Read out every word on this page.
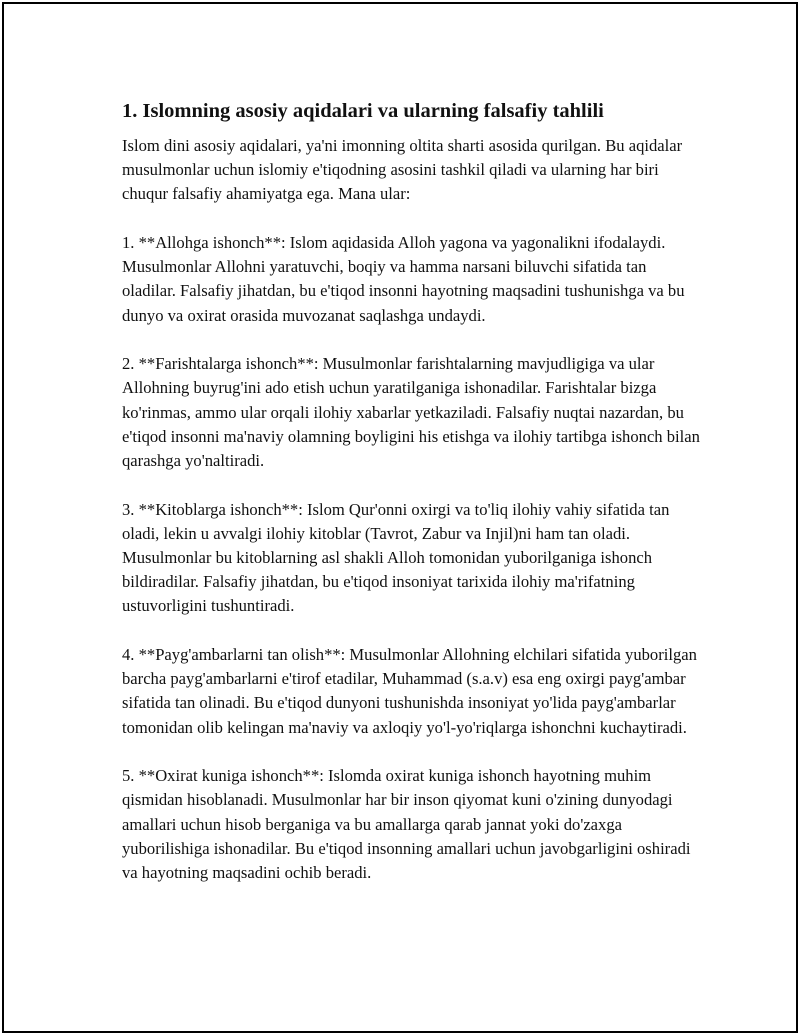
1. Islomning asosiy aqidalari va ularning falsafiy tahlili

Islom dini asosiy aqidalari, ya'ni imonning oltita sharti asosida qurilgan. Bu aqidalar musulmonlar uchun islomiy e'tiqodning asosini tashkil qiladi va ularning har biri chuqur falsafiy ahamiyatga ega. Mana ular:

1. **Allohga ishonch**: Islom aqidasida Alloh yagona va yagonalikni ifodalaydi. Musulmonlar Allohni yaratuvchi, boqiy va hamma narsani biluvchi sifatida tan oladilar. Falsafiy jihatdan, bu e'tiqod insonni hayotning maqsadini tushunishga va bu dunyo va oxirat orasida muvozanat saqlashga undaydi.

2. **Farishtalarga ishonch**: Musulmonlar farishtalarning mavjudligiga va ular Allohning buyrug'ini ado etish uchun yaratilganiga ishonadilar. Farishtalar bizga ko'rinmas, ammo ular orqali ilohiy xabarlar yetkaziladi. Falsafiy nuqtai nazardan, bu e'tiqod insonni ma'naviy olamning boyligini his etishga va ilohiy tartibga ishonch bilan qarashga yo'naltiradi.

3. **Kitoblarga ishonch**: Islom Qur'onni oxirgi va to'liq ilohiy vahiy sifatida tan oladi, lekin u avvalgi ilohiy kitoblar (Tavrot, Zabur va Injil)ni ham tan oladi. Musulmonlar bu kitoblarning asl shakli Alloh tomonidan yuborilganiga ishonch bildiradilar. Falsafiy jihatdan, bu e'tiqod insoniyat tarixida ilohiy ma'rifatning ustuvorligini tushuntiradi.

4. **Payg'ambarlarni tan olish**: Musulmonlar Allohning elchilari sifatida yuborilgan barcha payg'ambarlarni e'tirof etadilar, Muhammad (s.a.v) esa eng oxirgi payg'ambar sifatida tan olinadi. Bu e'tiqod dunyoni tushunishda insoniyat yo'lida payg'ambarlar tomonidan olib kelingan ma'naviy va axloqiy yo'l-yo'riqlarga ishonchni kuchaytiradi.

5. **Oxirat kuniga ishonch**: Islomda oxirat kuniga ishonch hayotning muhim qismidan hisoblanadi. Musulmonlar har bir inson qiyomat kuni o'zining dunyodagi amallari uchun hisob berganiga va bu amallarga qarab jannat yoki do'zaxga yuborilishiga ishonadilar. Bu e'tiqod insonning amallari uchun javobgarligini oshiradi va hayotning maqsadini ochib beradi.
